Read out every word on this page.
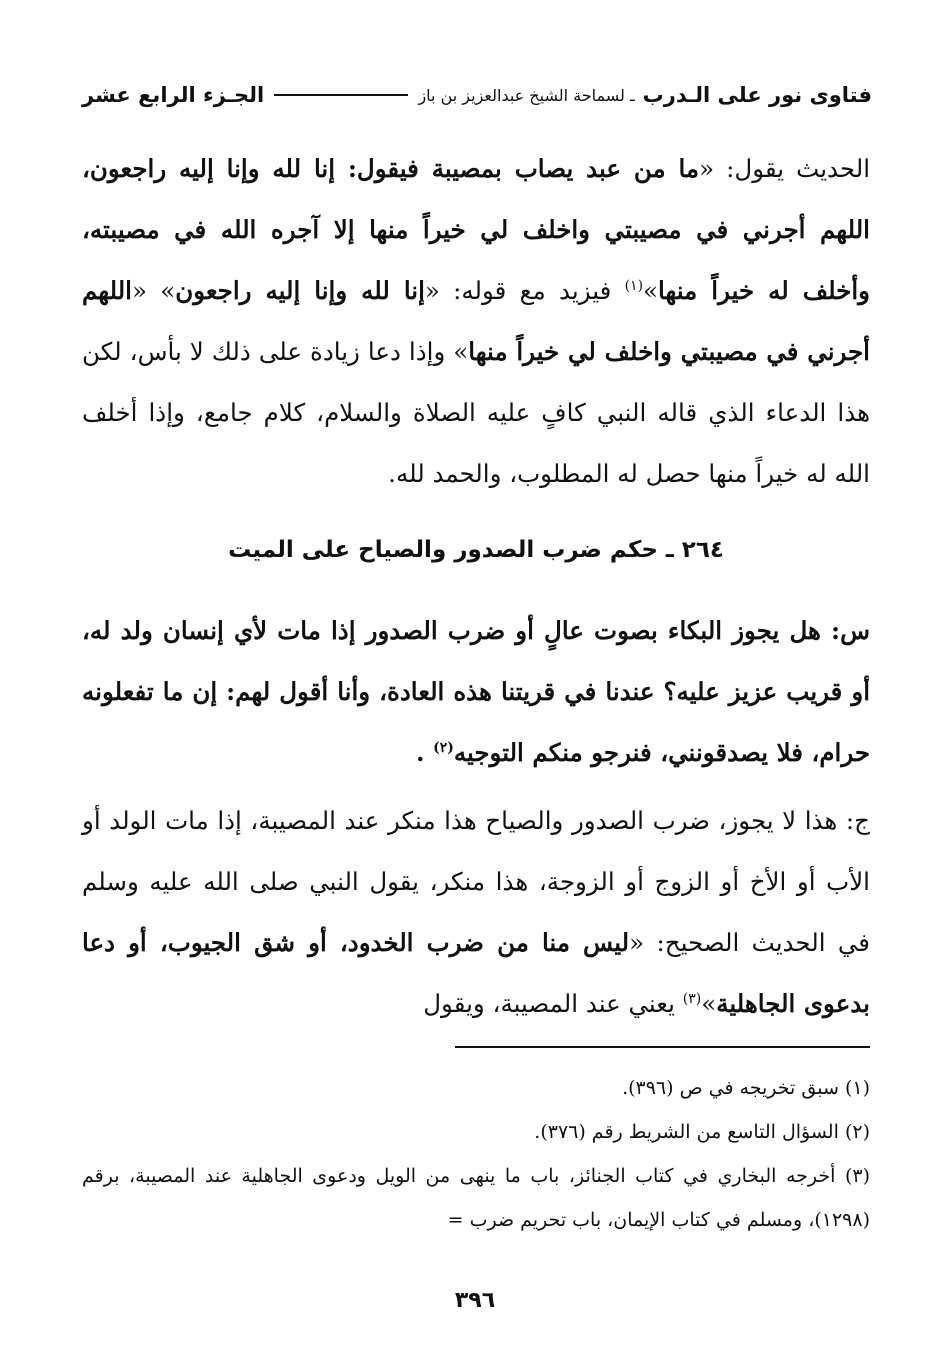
فتاوى نور على الـدرب
ـ لسماحة الشيخ عبدالعزيز بن باز
الجـزء الرابع عشر

الحديث يقول: «ما من عبد يصاب بمصيبة فيقول: إنا لله وإنا إليه راجعون، اللهم أجرني في مصيبتي واخلف لي خيراً منها إلا آجره الله في مصيبته، وأخلف له خيراً منها»$^{(١)}$ فيزيد مع قوله: «إنا لله وإنا إليه راجعون» «اللهم أجرني في مصيبتي واخلف لي خيراً منها» وإذا دعا زيادة على ذلك لا بأس، لكن هذا الدعاء الذي قاله النبي كافٍ عليه الصلاة والسلام، كلام جامع، وإذا أخلف الله له خيراً منها حصل له المطلوب، والحمد لله.

٢٦٤ ـ حكم ضرب الصدور والصياح على الميت

س: هل يجوز البكاء بصوت عالٍ أو ضرب الصدور إذا مات لأي إنسان ولد له، أو قريب عزيز عليه؟ عندنا في قريتنا هذه العادة، وأنا أقول لهم: إن ما تفعلونه حرام، فلا يصدقونني، فنرجو منكم التوجيه$^{(٢)}$ .

ج: هذا لا يجوز، ضرب الصدور والصياح هذا منكر عند المصيبة، إذا مات الولد أو الأب أو الأخ أو الزوج أو الزوجة، هذا منكر، يقول النبي صلى الله عليه وسلم في الحديث الصحيح: «ليس منا من ضرب الخدود، أو شق الجيوب، أو دعا بدعوى الجاهلية»$^{(٣)}$ يعني عند المصيبة، ويقول

(١) سبق تخريجه في ص (٣٩٦).

(٢) السؤال التاسع من الشريط رقم (٣٧٦).

(٣) أخرجه البخاري في كتاب الجنائز، باب ما ينهى من الويل ودعوى الجاهلية عند المصيبة، برقم (١٢٩٨)، ومسلم في كتاب الإيمان، باب تحريم ضرب =

٣٩٦
